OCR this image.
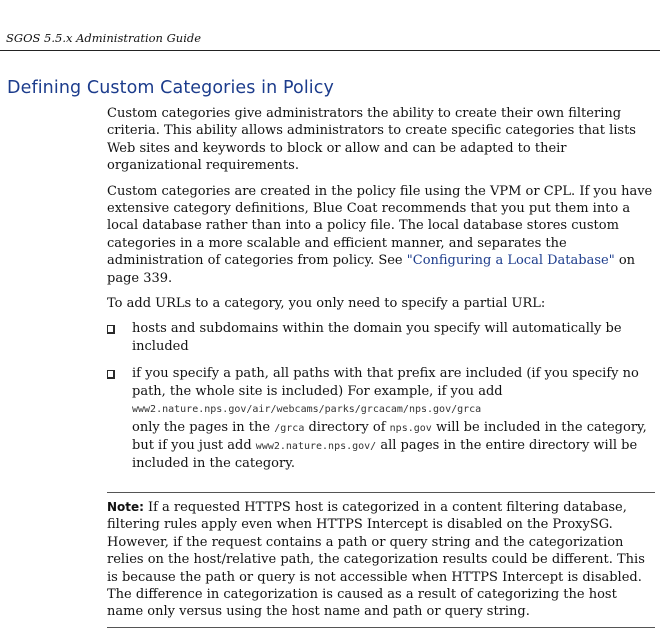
SGOS 5.5.x Administration Guide
Defining Custom Categories in Policy

Custom categories give administrators the ability to create their own filtering criteria. This ability allows administrators to create specific categories that lists Web sites and keywords to block or allow and can be adapted to their organizational requirements.

Custom categories are created in the policy file using the VPM or CPL. If you have extensive category definitions, Blue Coat recommends that you put them into a local database rather than into a policy file. The local database stores custom categories in a more scalable and efficient manner, and separates the administration of categories from policy. See "Configuring a Local Database" on page 339.

To add URLs to a category, you only need to specify a partial URL:

hosts and subdomains within the domain you specify will automatically be included
if you specify a path, all paths with that prefix are included (if you specify no path, the whole site is included) For example, if you add
www2.nature.nps.gov/air/webcams/parks/grcacam/nps.gov/grca
only the pages in the /grca directory of nps.gov will be included in the category, but if you just add www2.nature.nps.gov/ all pages in the entire directory will be included in the category.
Note: If a requested HTTPS host is categorized in a content filtering database, filtering rules apply even when HTTPS Intercept is disabled on the ProxySG. However, if the request contains a path or query string and the categorization relies on the host/relative path, the categorization results could be different. This is because the path or query is not accessible when HTTPS Intercept is disabled. The difference in categorization is caused as a result of categorizing the host name only versus using the host name and path or query string.
